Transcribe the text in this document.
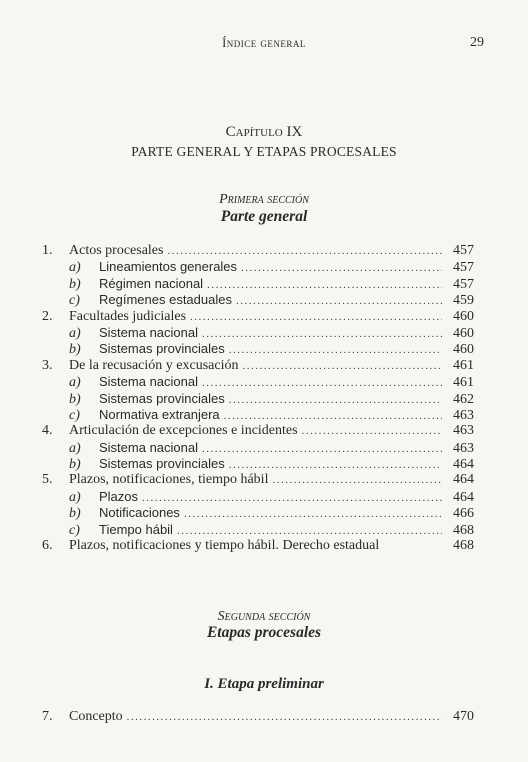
Índice general	29
Capítulo IX
PARTE GENERAL Y ETAPAS PROCESALES
Primera sección
Parte general
1.	Actos procesales .....	457
a)	Lineamientos generales .....	457
b)	Régimen nacional .....	457
c)	Regímenes estaduales .....	459
2.	Facultades judiciales .....	460
a)	Sistema nacional .....	460
b)	Sistemas provinciales .....	460
3.	De la recusación y excusación .....	461
a)	Sistema nacional .....	461
b)	Sistemas provinciales .....	462
c)	Normativa extranjera .....	463
4.	Articulación de excepciones e incidentes .....	463
a)	Sistema nacional .....	463
b)	Sistemas provinciales .....	464
5.	Plazos, notificaciones, tiempo hábil .....	464
a)	Plazos .....	464
b)	Notificaciones .....	466
c)	Tiempo hábil .....	468
6.	Plazos, notificaciones y tiempo hábil. Derecho estadual	468
Segunda sección
Etapas procesales
I. Etapa preliminar
7.	Concepto .....	470
